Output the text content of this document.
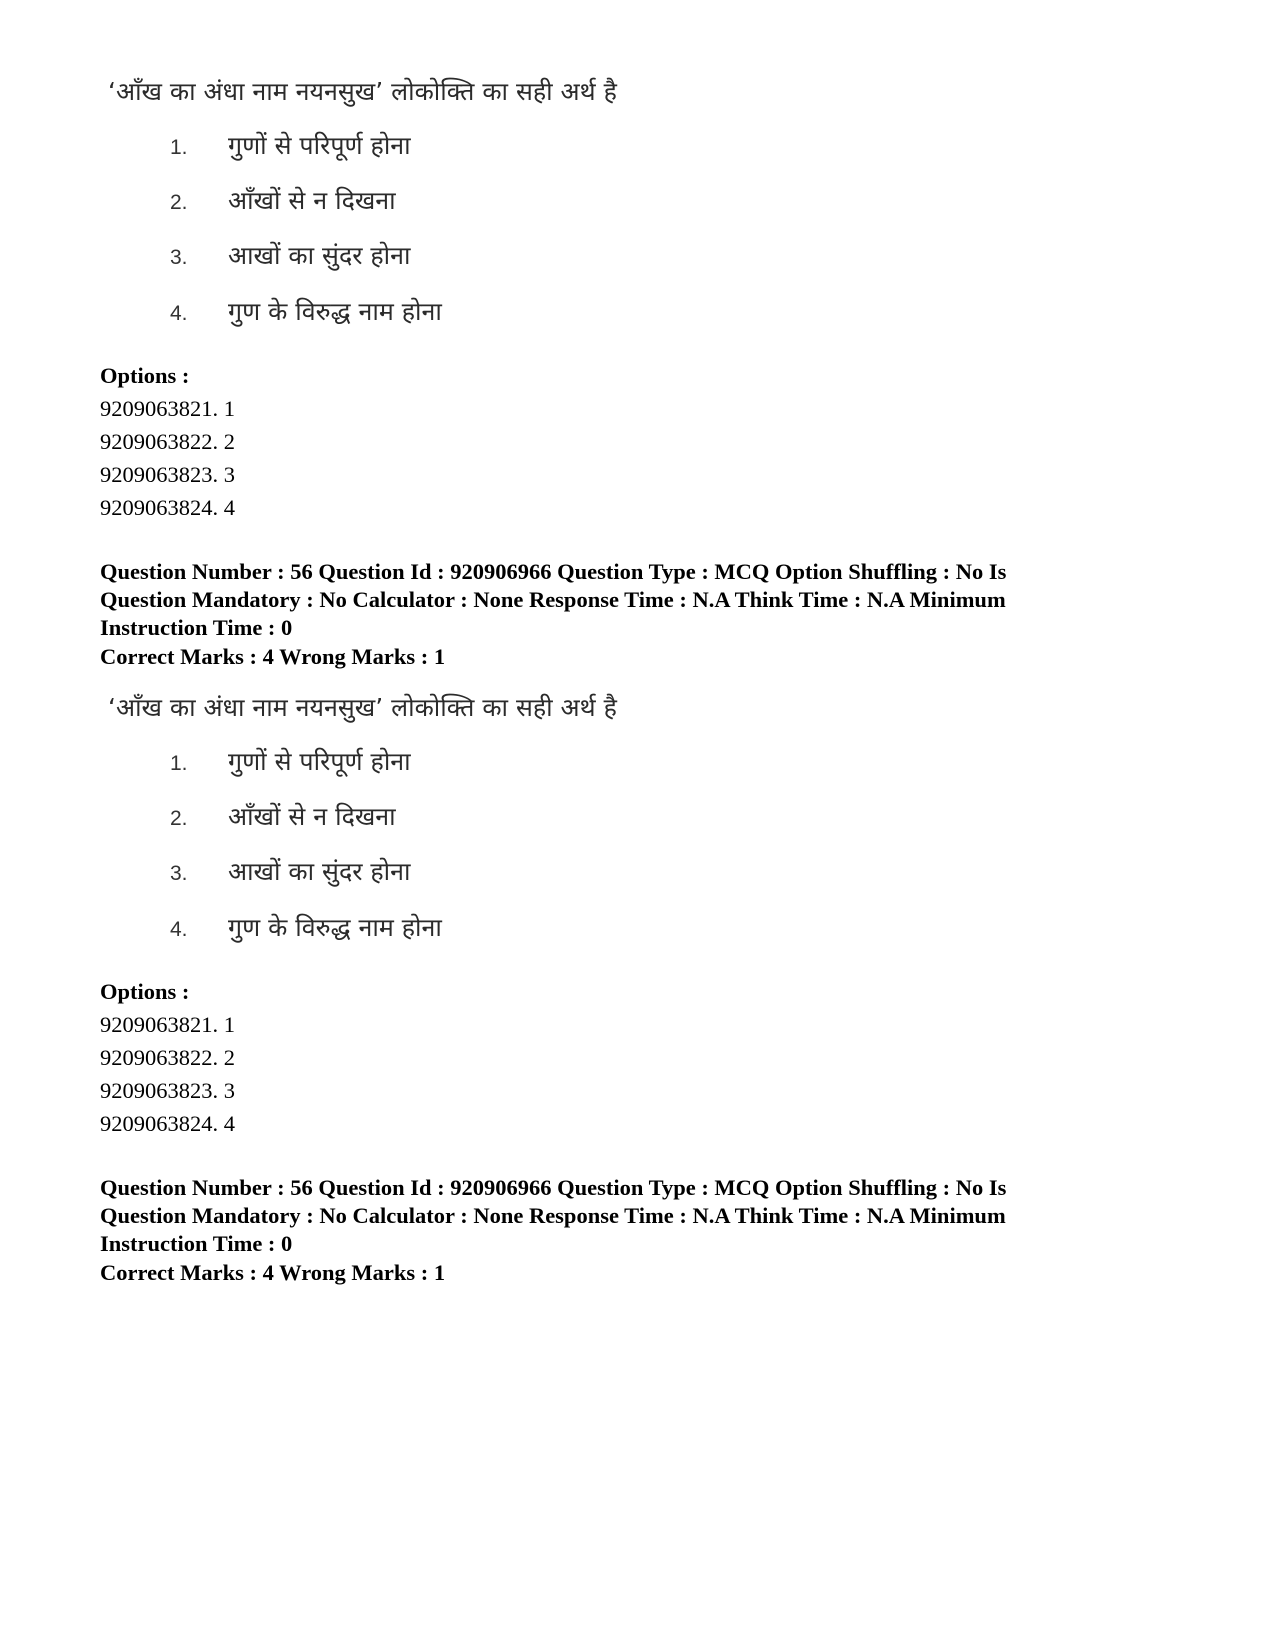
‘आँख का अंधा नाम नयनसुख’ लोकोक्ति का सही अर्थ है
1. गुणों से परिपूर्ण होना
2. आँखों से न दिखना
3. आखों का सुंदर होना
4. गुण के विरुद्ध नाम होना
Options :
9209063821. 1
9209063822. 2
9209063823. 3
9209063824. 4
Question Number : 56 Question Id : 920906966 Question Type : MCQ Option Shuffling : No Is
Question Mandatory : No Calculator : None Response Time : N.A Think Time : N.A Minimum
Instruction Time : 0
Correct Marks : 4 Wrong Marks : 1
‘आँख का अंधा नाम नयनसुख’ लोकोक्ति का सही अर्थ है
1. गुणों से परिपूर्ण होना
2. आँखों से न दिखना
3. आखों का सुंदर होना
4. गुण के विरुद्ध नाम होना
Options :
9209063821. 1
9209063822. 2
9209063823. 3
9209063824. 4
Question Number : 56 Question Id : 920906966 Question Type : MCQ Option Shuffling : No Is
Question Mandatory : No Calculator : None Response Time : N.A Think Time : N.A Minimum
Instruction Time : 0
Correct Marks : 4 Wrong Marks : 1
